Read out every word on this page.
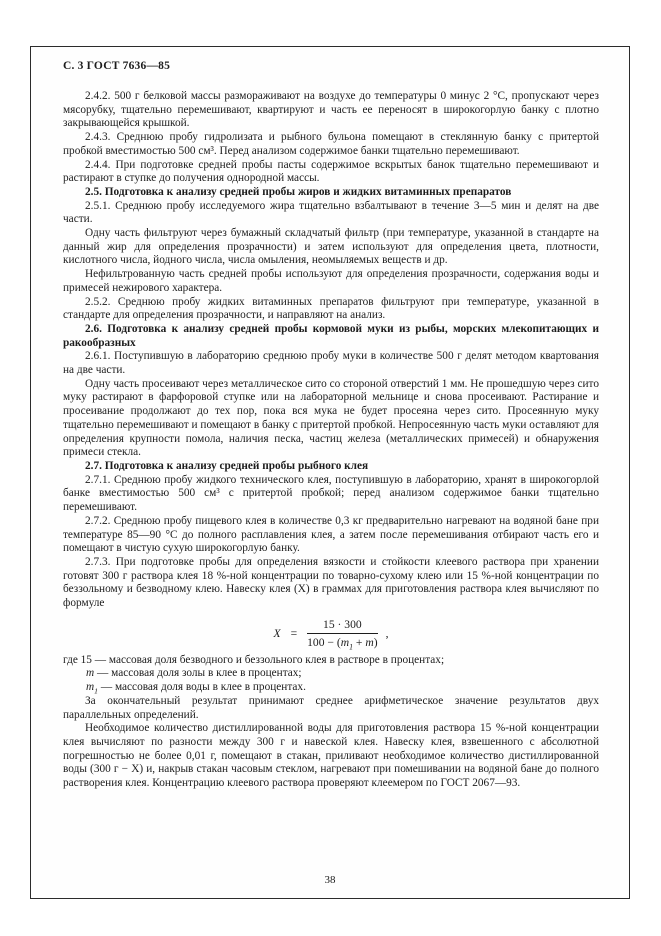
С. 3 ГОСТ 7636—85

2.4.2. 500 г белковой массы размораживают на воздухе до температуры 0 минус 2 °С, пропускают через мясорубку, тщательно перемешивают, квартируют и часть ее переносят в широкогорлую банку с плотно закрывающейся крышкой.

2.4.3. Среднюю пробу гидролизата и рыбного бульона помещают в стеклянную банку с притертой пробкой вместимостью 500 см³. Перед анализом содержимое банки тщательно перемешивают.

2.4.4. При подготовке средней пробы пасты содержимое вскрытых банок тщательно перемешивают и растирают в ступке до получения однородной массы.

2.5. Подготовка к анализу средней пробы жиров и жидких витаминных препаратов

2.5.1. Среднюю пробу исследуемого жира тщательно взбалтывают в течение 3—5 мин и делят на две части.

Одну часть фильтруют через бумажный складчатый фильтр (при температуре, указанной в стандарте на данный жир для определения прозрачности) и затем используют для определения цвета, плотности, кислотного числа, йодного числа, числа омыления, неомыляемых веществ и др.

Нефильтрованную часть средней пробы используют для определения прозрачности, содержания воды и примесей нежирового характера.

2.5.2. Среднюю пробу жидких витаминных препаратов фильтруют при температуре, указанной в стандарте для определения прозрачности, и направляют на анализ.

2.6. Подготовка к анализу средней пробы кормовой муки из рыбы, морских млекопитающих и ракообразных

2.6.1. Поступившую в лабораторию среднюю пробу муки в количестве 500 г делят методом квартования на две части.

Одну часть просеивают через металлическое сито со стороной отверстий 1 мм. Не прошедшую через сито муку растирают в фарфоровой ступке или на лабораторной мельнице и снова просеивают. Растирание и просеивание продолжают до тех пор, пока вся мука не будет просеяна через сито. Просеянную муку тщательно перемешивают и помещают в банку с притертой пробкой. Непросеянную часть муки оставляют для определения крупности помола, наличия песка, частиц железа (металлических примесей) и обнаружения примеси стекла.

2.7. Подготовка к анализу средней пробы рыбного клея

2.7.1. Среднюю пробу жидкого технического клея, поступившую в лабораторию, хранят в широкогорлой банке вместимостью 500 см³ с притертой пробкой; перед анализом содержимое банки тщательно перемешивают.

2.7.2. Среднюю пробу пищевого клея в количестве 0,3 кг предварительно нагревают на водяной бане при температуре 85—90 °С до полного расплавления клея, а затем после перемешивания отбирают часть его и помещают в чистую сухую широкогорлую банку.

2.7.3. При подготовке пробы для определения вязкости и стойкости клеевого раствора при хранении готовят 300 г раствора клея 18 %-ной концентрации по товарно-сухому клею или 15 %-ной концентрации по беззольному и безводному клею. Навеску клея (X) в граммах для приготовления раствора клея вычисляют по формуле

$X = \frac{15 \cdot 300}{100 - (m_1 + m)}$ ,

где 15 — массовая доля безводного и беззольного клея в растворе в процентах;

m — массовая доля золы в клее в процентах;

$m_1$ — массовая доля воды в клее в процентах.

За окончательный результат принимают среднее арифметическое значение результатов двух параллельных определений.

Необходимое количество дистиллированной воды для приготовления раствора 15 %-ной концентрации клея вычисляют по разности между 300 г и навеской клея. Навеску клея, взвешенного с абсолютной погрешностью не более 0,01 г, помещают в стакан, приливают необходимое количество дистиллированной воды (300 г − X) и, накрыв стакан часовым стеклом, нагревают при помешивании на водяной бане до полного растворения клея. Концентрацию клеевого раствора проверяют клеемером по ГОСТ 2067—93.

38
